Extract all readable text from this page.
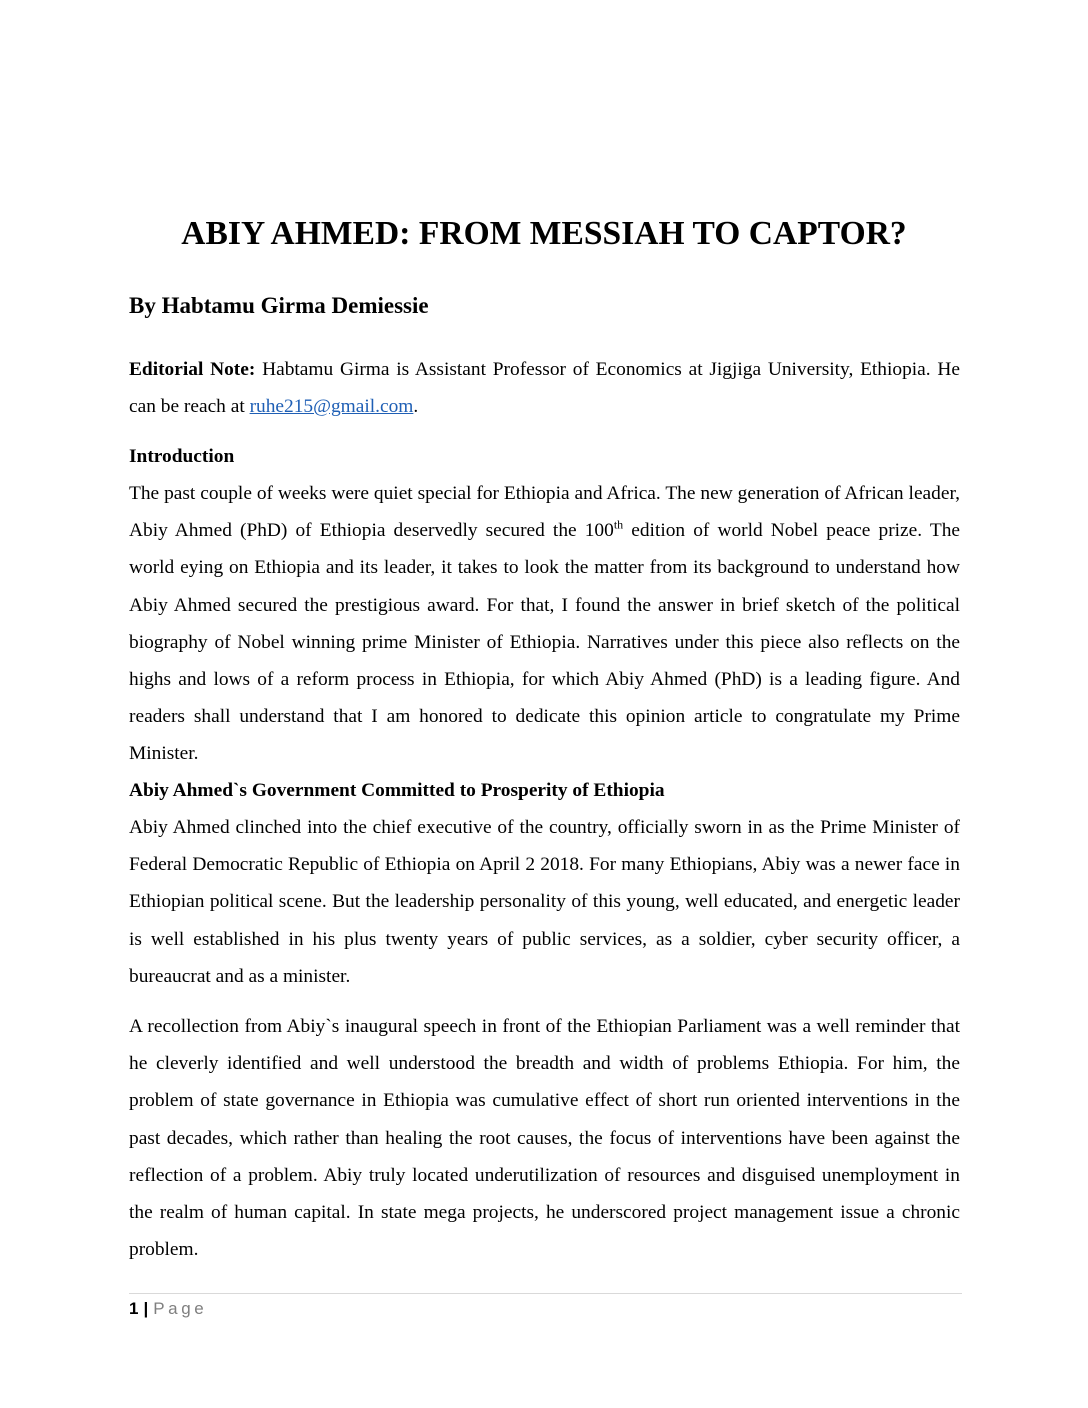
ABIY AHMED: FROM MESSIAH TO CAPTOR?
By Habtamu Girma Demiessie

Editorial Note: Habtamu Girma is Assistant Professor of Economics at Jigjiga University, Ethiopia. He can be reach at ruhe215@gmail.com.

Introduction

The past couple of weeks were quiet special for Ethiopia and Africa. The new generation of African leader, Abiy Ahmed (PhD) of Ethiopia deservedly secured the 100th edition of world Nobel peace prize. The world eying on Ethiopia and its leader, it takes to look the matter from its background to understand how Abiy Ahmed secured the prestigious award. For that, I found the answer in brief sketch of the political biography of Nobel winning prime Minister of Ethiopia. Narratives under this piece also reflects on the highs and lows of a reform process in Ethiopia, for which Abiy Ahmed (PhD) is a leading figure. And readers shall understand that I am honored to dedicate this opinion article to congratulate my Prime Minister.

Abiy Ahmed`s Government Committed to Prosperity of Ethiopia

Abiy Ahmed clinched into the chief executive of the country, officially sworn in as the Prime Minister of Federal Democratic Republic of Ethiopia on April 2 2018. For many Ethiopians, Abiy was a newer face in Ethiopian political scene. But the leadership personality of this young, well educated, and energetic leader is well established in his plus twenty years of public services, as a soldier, cyber security officer, a bureaucrat and as a minister.

A recollection from Abiy`s inaugural speech in front of the Ethiopian Parliament was a well reminder that he cleverly identified and well understood the breadth and width of problems Ethiopia. For him, the problem of state governance in Ethiopia was cumulative effect of short run oriented interventions in the past decades, which rather than healing the root causes, the focus of interventions have been against the reflection of a problem. Abiy truly located underutilization of resources and disguised unemployment in the realm of human capital. In state mega projects, he underscored project management issue a chronic problem.

1 | Page
